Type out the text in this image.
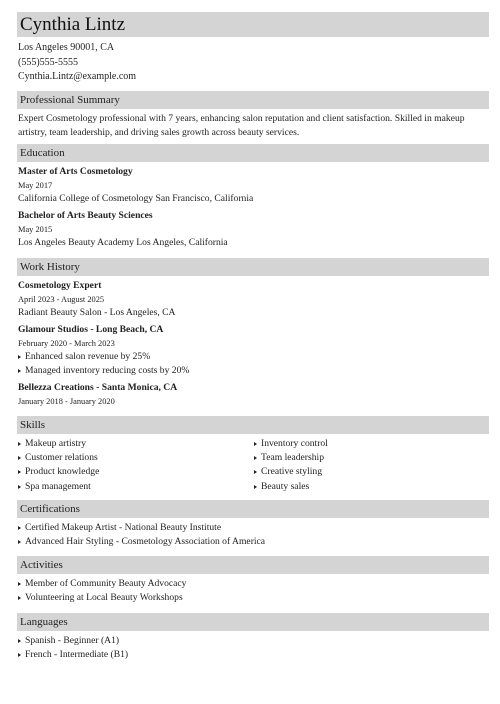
Cynthia Lintz
Los Angeles 90001, CA
(555)555-5555
Cynthia.Lintz@example.com
Professional Summary
Expert Cosmetology professional with 7 years, enhancing salon reputation and client satisfaction. Skilled in makeup artistry, team leadership, and driving sales growth across beauty services.
Education
Master of Arts Cosmetology
May 2017
California College of Cosmetology San Francisco, California
Bachelor of Arts Beauty Sciences
May 2015
Los Angeles Beauty Academy Los Angeles, California
Work History
Cosmetology Expert
April 2023 - August 2025
Radiant Beauty Salon - Los Angeles, CA
Glamour Studios - Long Beach, CA
February 2020 - March 2023
Enhanced salon revenue by 25%
Managed inventory reducing costs by 20%
Bellezza Creations - Santa Monica, CA
January 2018 - January 2020
Skills
Makeup artistry
Customer relations
Product knowledge
Spa management
Inventory control
Team leadership
Creative styling
Beauty sales
Certifications
Certified Makeup Artist - National Beauty Institute
Advanced Hair Styling - Cosmetology Association of America
Activities
Member of Community Beauty Advocacy
Volunteering at Local Beauty Workshops
Languages
Spanish - Beginner (A1)
French - Intermediate (B1)
